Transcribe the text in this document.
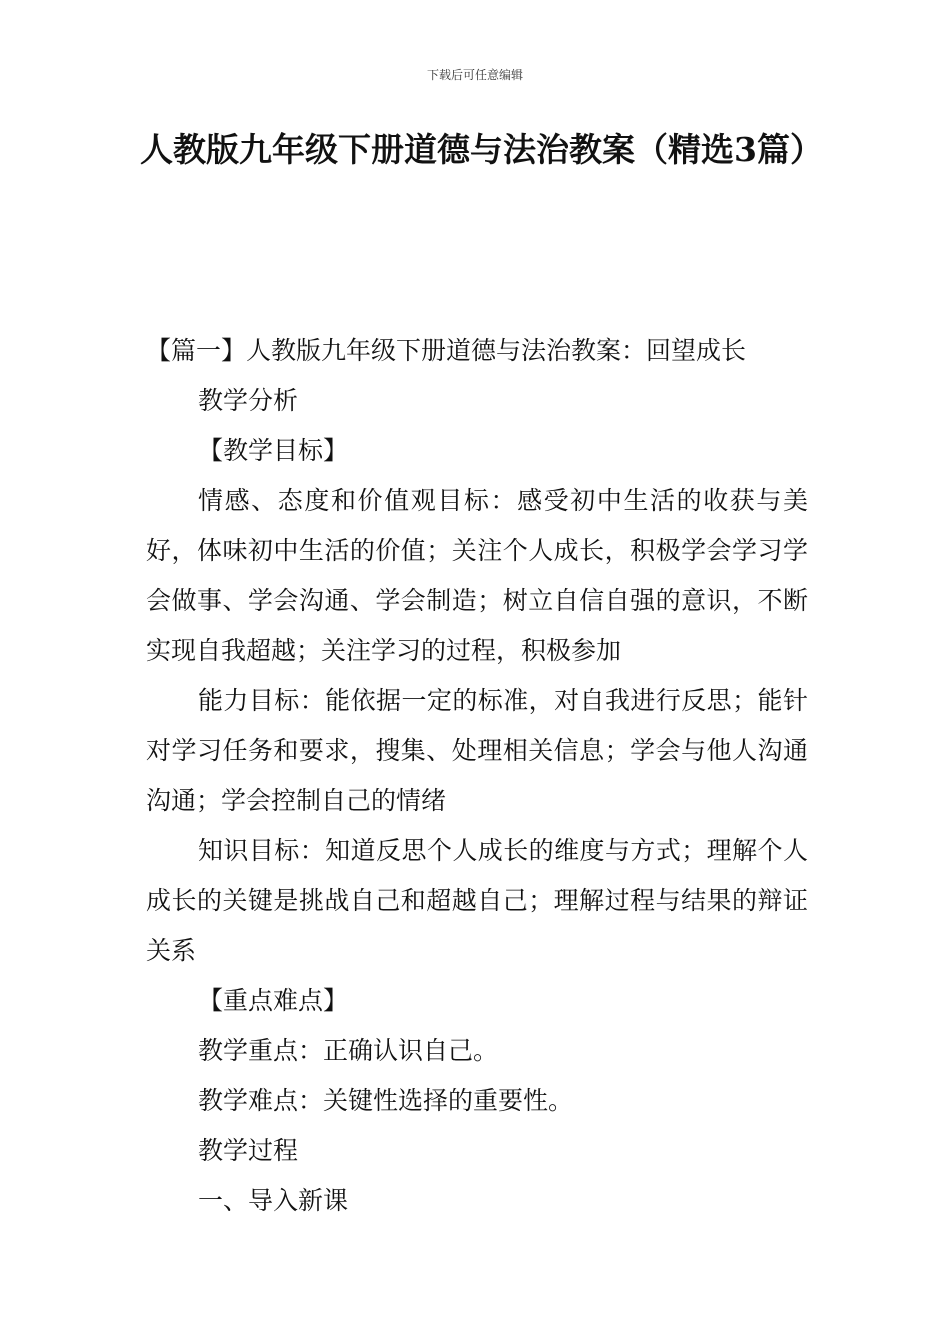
下载后可任意编辑
人教版九年级下册道德与法治教案（精选3篇）

【篇一】人教版九年级下册道德与法治教案：回望成长

教学分析

【教学目标】

情感、态度和价值观目标：感受初中生活的收获与美好，体味初中生活的价值；关注个人成长，积极学会学习学会做事、学会沟通、学会制造；树立自信自强的意识，不断实现自我超越；关注学习的过程，积极参加

能力目标：能依据一定的标准，对自我进行反思；能针对学习任务和要求，搜集、处理相关信息；学会与他人沟通沟通；学会控制自己的情绪

知识目标：知道反思个人成长的维度与方式；理解个人成长的关键是挑战自己和超越自己；理解过程与结果的辩证关系

【重点难点】

教学重点：正确认识自己。

教学难点：关键性选择的重要性。

教学过程

一、导入新课
